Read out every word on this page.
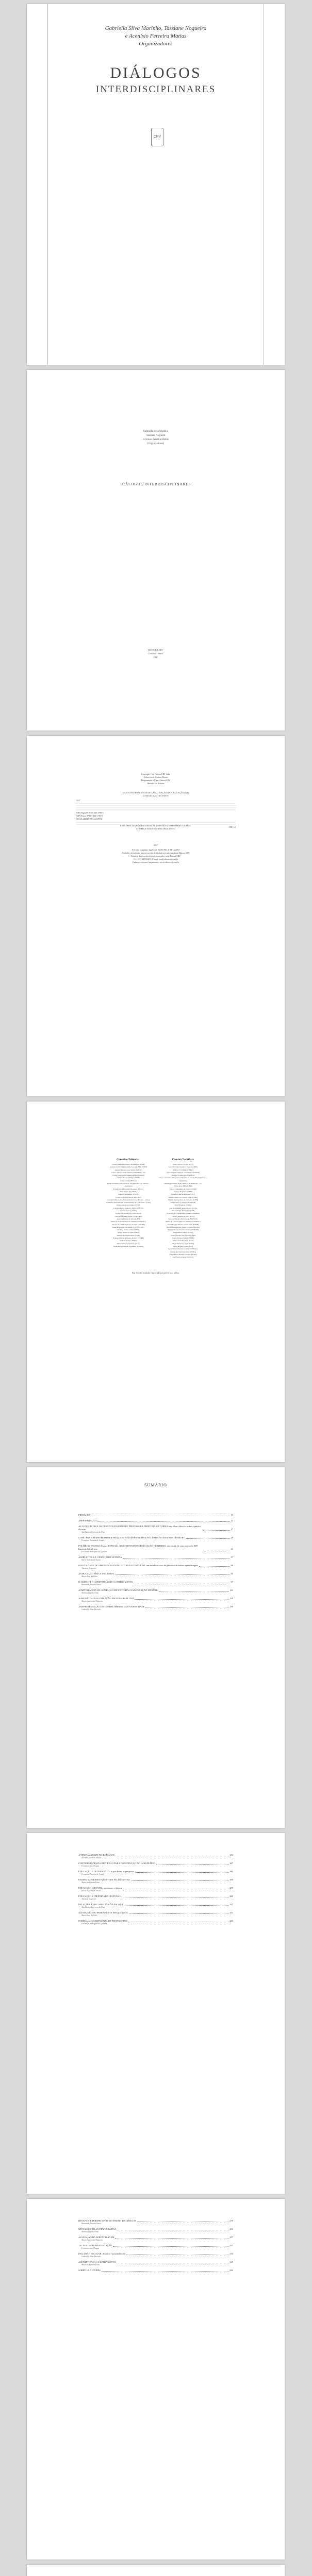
Gabriella Silva Marinho, Tassiane Nogueira
e Acenisio Ferreira Matias
Organizadores
DIÁLOGOS
INTERDISCIPLINARES
CRV
Gabriella Silva Marinho
Tassiane Nogueira
Acenisio Ferreira Matias
(Organizadores)
DIÁLOGOS INTERDISCIPLINARES
EDITORA CRV
Curitiba - Brasil
2017
Copyright © da Editora CRV Ltda.
Editor-chefe: Railson Moura
Diagramação e Capa: Editora CRV
Revisão: Os Autores
DADOS INTERNACIONAIS DE CATALOGAÇÃO NA PUBLICAÇÃO (CIP)
CATALOGAÇÃO NA FONTE
D537
ISBN Digital 978-85-444-1788-3
ISBN Físico 978-85-444-1787-6
DOI 10.24824/978854441787.6
CDU 12
ESTA OBRA TAMBÉM ENCONTRA-SE DISPONÍVEL EM FORMATO DIGITAL.
CONHEÇA E BAIXE NOSSO APLICATIVO!
2017
Foi feito o depósito legal conf. Lei 10.994 de 14/12/2004
Proibida a reprodução parcial ou total desta obra sem autorização da Editora CRV
Todos os direitos desta edição reservados pela: Editora CRV
Tel.: (41) 3039-6418 - E-mail: sac@editoracrv.com.br
Conheça os nossos lançamentos: www.editoracrv.com.br
Conselho Editorial:
Aldira Guimarães Duarte Domínguez (UNB)
Andréia da Silva Quintanilha Sousa (UNIR/UFRN)
Antônio Pereira Gaio Júnior (UFRRJ)
Carlos Alberto Vilar Estêvão (UMINHO – PT)
Carlos Federico Domínguez Avila (Unieuro)
Carmen Tereza Velanga (UNIR)
Celso Conti (UFSCar)
Cesar Gerónimo Tello (Univer .Nacional Três de Febrero – Argentina)
Elione Maria Nogueira Diogenes (UFAL)
Élsio José Corá (UFFS)
Elizeu Clementino (UNEB)
Francisco Carlos Duarte (PUC-PR)
Gloria Fariñas León (Universidade de La Havana – Cuba)
Guillermo Arias Beatón (Universidade de La Havana – Cuba)
Jailson Alves dos Santos (UFRJ)
João Adalberto Campato Junior (UNESP)
Josania Portela (UFPI)
Leonel Severo Rocha (UNISINOS)
Lídia de Oliveira Xavier (UNIEURO)
Lourdes Helena da Silva (UFV)
Maria de Lourdes Pinto de Almeida (UNOESC)
Maria Lília Imbiriba Sousa Colares (UFOPA)
Paulo Romualdo Hernandes (UNIFAL-MG)
Rodrigo Pratte-Santos (UFES)
Sérgio Nunes de Jesus (IFRO)
Simone Rodrigues Pinto (UNB)
Solange Helena Ximenes-Rocha (UFOPA)
Sydione Santos (UEPG)
Tadeu Oliver Gonçalves (UFPA)
Tania Suely Azevedo Brasileiro (UFOPA)
Comitê Científico:
Altair Alberto Fávero (UPF)
Ana Chrystina Venancio Mignot (UERJ)
Andréia N. Militão (UEMS)
Anna Augusta Sampaio de Oliveira (UNESP)
Barbara Coelho Neves (UFBA)
Cesar Gerónimo Tello (Universidad Nacional de Três de Febrero – Argentina)
Diosnel Centurion (Univ Americ. de Asunción – Py)
Eliane Rose Maio (UEM)
Elizeu Clementino de Souza (UNEB)
Fauston Negreiros (UFPI)
Francisco Ari de Andrade (UFC)
Gláucia Maria dos Santos Jorge (UFOP)
Helder Buenos Aires de Carvalho (UFPI)
Ilma Passos A. Veiga (UNICEUB)
Inês Bragança (UERJ)
José de Ribamar Sousa Pereira (UCB)
Jussara Fraga Portugal (UNEB)
Kilwangy Kya Kapitango-a-Samba (Unemat)
Lourdes Helena da Silva (UFV)
Marcos Vinicius Francisco (UNOESTE)
Maria de Lourdes Pinto de Almeida (UNOESC)
Maria Eurácia Barreto de Andrade (UFRB)
Maria Lília Imbiriba Sousa Colares (UFOPA)
Míghian Danae Ferreira Nunes (UNILAB)
Mohammed Elhajji (UFRJ)
Mônica Pereira dos Santos (UFRJ)
Najela Tavares Ujiie (UTFPR)
Nilson José Machado (USP)
Sérgio Nunes de Jesus (IFRO)
Silvia Regina Canan (URI)
Sonia Maria Ferreira Koehler (UNISAL)
Suzana dos Santos Gomes (UFMG)
Vânia Alves Martins Chaigar (FURG)
Vera Lucia Gaspar (UDESC)
Este livro foi avaliado e aprovado por pareceristas ad hoc.
SUMÁRIO
PREFÁCIO	11
APRESENTAÇÃO	13
AS CONQUISTAS E OS DESAFIOS DO PROJETO PROFESSORA DIRETORA DE TURMA: um olhar reflexivo sobre a prática docente	17
Ana Beatriz Ferreira da Silva
COMO FORMAR PROFESSORES PEDAGOGOS NA PERSPECTIVA INCLUSIVA NO ENSINO SUPERIOR?	29
Francisca Janaína de Souza
POLÍTICAS DE EDUCAÇÃO ESPECIAL NO CONTEXTO DA EDUCAÇÃO GERDRRES: um estudo de caso na escola EEF Isaías da Silva Lima	43
Lucineide Rodrigues de Queiroz
A BIBLIOTECA E O ESPAÇO DE LEITURA	57
Karla Roberta de Sousa
DIFICULDADE DE APRENDIZAGEM NO COTIDIANO ESCOLAR: um estudo de caso do processo de ensino aprendizagem	69
Tassiane Nogueira
A EDUCAÇÃO FÍSICA INCLUSIVA	83
Maria José da Silva
O LÚDICO E A CONSTRUÇÃO DO CONHECIMENTO	97
Raimunda Nonata Sousa
A IMPORTÂNCIA DA CONTAÇÃO DE HISTÓRIAS NA EDUCAÇÃO INFANTIL	111
Antônia Lucélia Lima
A AFETIVIDADE NA RELAÇÃO PROFESSOR-ALUNO	125
Maria Aparecida Nogueira
A REPRESENTAÇÃO DO CONHECIMENTO NA UNIVERSIDADE	139
Gabriella Silva Marinho
A TEXTUALIDADE NO ROMANCE	153
Acenisio Ferreira Matias
CONTRIBUIÇÕES DA REFLEXÃO PARA CONSTRUÇÃO DO IMAGINÁRIO	167
Francisco das Chagas
EDUCAÇÃO E LETRAMENTO: o que dizem as pesquisas	181
Francisca Janaína de Souza
ENSINO SUPERIOR E QUESTÕES FACILITANTES	195
Maria de Fátima Lima
EDUCAÇÃO INFANTIL: a criança e o brincar	209
Karla Roberta de Sousa
EDUCAÇÃO E IDENTIDADE CULTURAL	223
Tassiane Nogueira
RELAÇÕES ÉTNICO-RACIAIS NA ESCOLA	237
Ana Beatriz Ferreira da Silva
A DANÇA COMO FERRAMENTA PEDAGÓGICA	251
Maria José da Silva
FORMAÇÃO CONTINUADA DE PROFESSORES	265
Lucineide Rodrigues de Queiroz
DESAFIOS E PERSPECTIVAS DO ENSINO DE CIÊNCIAS	279
Raimunda Nonata Sousa
GESTÃO ESCOLAR DEMOCRÁTICA	293
Antônia Lucélia Lima
AVALIAÇÃO DA APRENDIZAGEM	307
Maria Aparecida Nogueira
TECNOLOGIAS NA EDUCAÇÃO	321
Francisco das Chagas
INCLUSÃO ESCOLAR: desafios e possibilidades	335
Gabriella Silva Marinho
ALFABETIZAÇÃO E LETRAMENTO	349
Maria de Fátima Lima
SOBRE OS AUTORES	363
